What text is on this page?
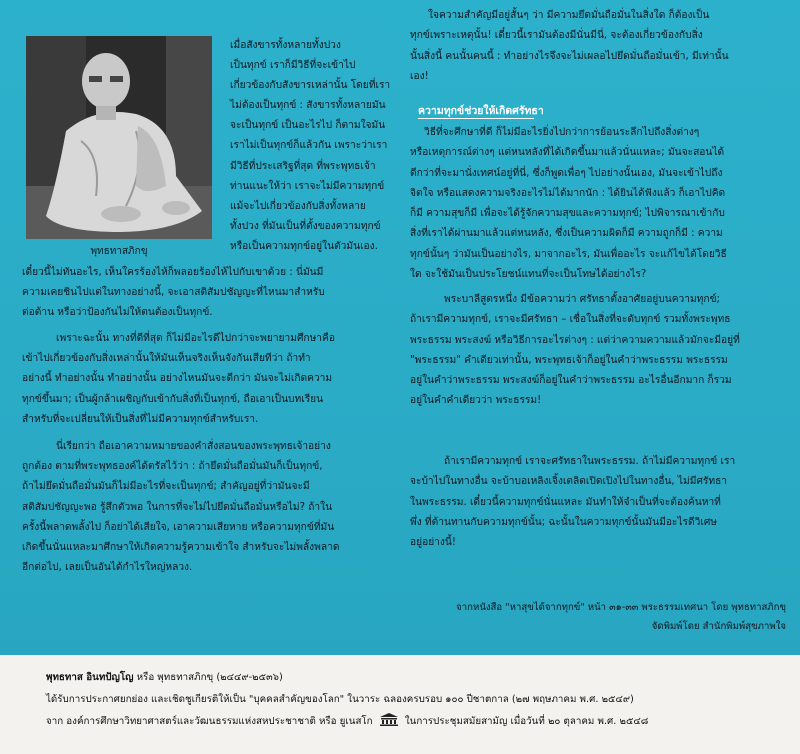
พุทธทาสภิกขุ
เมื่อสังขารทั้งหลายทั้งปวง
เป็นทุกข์ เราก็มีวิธีที่จะเข้าไป
เกี่ยวข้องกับสังขารเหล่านั้น โดยที่เรา
ไม่ต้องเป็นทุกข์ : สังขารทั้งหลายมัน
จะเป็นทุกข์ เป็นอะไรไป ก็ตามใจมัน
เราไม่เป็นทุกข์ก็แล้วกัน เพราะว่าเรา
มีวิธีที่ประเสริฐที่สุด ที่พระพุทธเจ้า
ท่านแนะให้ว่า เราจะไม่มีความทุกข์
แม้จะไปเกี่ยวข้องกับสิ่งทั้งหลาย
ทั้งปวง ที่มันเป็นที่ตั้งของความทุกข์
หรือเป็นความทุกข์อยู่ในตัวมันเอง.
เดี๋ยวนี้ไม่ทันอะไร, เห็นใครร้องไห้ก็พลอยร้องไห้ไปกับเขาด้วย : นี่มันมี
ความเคยชินไปแต่ในทางอย่างนี้, จะเอาสติสัมปชัญญะที่ไหนมาสำหรับ
ต่อต้าน หรือว่าป้องกันไม่ให้ตนต้องเป็นทุกข์.
เพราะฉะนั้น ทางที่ดีที่สุด ก็ไม่มีอะไรดีไปกว่าจะพยายามศึกษาคือ
เข้าไปเกี่ยวข้องกับสิ่งเหล่านั้นให้มันเห็นจริงเห็นจังกันเสียทีว่า ถ้าทำ
อย่างนี้ ทำอย่างนั้น ทำอย่างนั้น อย่างไหนมันจะดีกว่า มันจะไม่เกิดความ
ทุกข์ขึ้นมา; เป็นผู้กล้าเผชิญกับเข้ากับสิ่งที่เป็นทุกข์, ถือเอาเป็นบทเรียน
สำหรับที่จะเปลี่ยนให้เป็นสิ่งที่ไม่มีความทุกข์สำหรับเรา.
นี่เรียกว่า ถือเอาความหมายของคำสั่งสอนของพระพุทธเจ้าอย่าง
ถูกต้อง ตามที่พระพุทธองค์ได้ตรัสไว้ว่า : ถ้ายึดมั่นถือมั่นมันก็เป็นทุกข์,
ถ้าไม่ยึดมั่นถือมั่นมันก็ไม่มีอะไรที่จะเป็นทุกข์; สำคัญอยู่ที่ว่ามันจะมี
สติสัมปชัญญะพอ รู้สึกตัวพอ ในการที่จะไม่ไปยึดมั่นถือมั่นหรือไม่? ถ้าใน
ครั้งนี้พลาดพลั้งไป ก็อย่าได้เสียใจ, เอาความเสียหาย หรือความทุกข์ที่มัน
เกิดขึ้นนั่นแหละมาศึกษาให้เกิดความรู้ความเข้าใจ สำหรับจะไม่พลั้งพลาด
อีกต่อไป, เลยเป็นอันได้กำไรใหญ่หลวง.
ใจความสำคัญมีอยู่สั้นๆ ว่า มีความยึดมั่นถือมั่นในสิ่งใด ก็ต้องเป็น
ทุกข์เพราะเหตุนั้น! เดี๋ยวนี้เรามันต้องมีนั่นมีนี่, จะต้องเกี่ยวข้องกับสิ่ง
นั้นสิ่งนี้ คนนั้นคนนี้ : ทำอย่างไรจึงจะไม่เผลอไปยึดมั่นถือมั่นเข้า, มีเท่านั้น
เอง!
ความทุกข์ช่วยให้เกิดศรัทธา
วิธีที่จะศึกษาที่ดี ก็ไม่มีอะไรยิ่งไปกว่าการย้อนระลึกไปถึงสิ่งต่างๆ
หรือเหตุการณ์ต่างๆ แต่หนหลังที่ได้เกิดขึ้นมาแล้วนั่นแหละ; มันจะสอนได้
ดีกว่าที่จะมานั่งเทศน์อยู่ที่นี่, ซึ่งก็พูดเพื่อๆ ไปอย่างนั้นเอง, มันจะเข้าไปถึง
จิตใจ หรือแสดงความจริงอะไรไม่ได้มากนัก : ได้ยินได้ฟังแล้ว ก็เอาไปคิด
ก็มี ความสุขก็มี เพื่อจะได้รู้จักความสุขและความทุกข์; ไปพิจารณาเข้ากับ
สิ่งที่เราได้ผ่านมาแล้วแต่หนหลัง, ซึ่งเป็นความผิดก็มี ความถูกก็มี : ความ
ทุกข์นั้นๆ ว่ามันเป็นอย่างไร, มาจากอะไร, มันเพื่ออะไร จะแก้ไขได้โดยวิธี
ใด จะใช้มันเป็นประโยชน์แทนที่จะเป็นโทษได้อย่างไร?
พระบาลีสูตรหนึ่ง มีข้อความว่า ศรัทธาตั้งอาศัยอยู่บนความทุกข์;
ถ้าเรามีความทุกข์, เราจะมีศรัทธา – เชื่อในสิ่งที่จะดับทุกข์ รวมทั้งพระพุทธ
พระธรรม พระสงฆ์ หรือวิธีการอะไรต่างๆ : แต่ว่าความความแล้วมักจะมีอยู่ที่
"พระธรรม" คำเดียวเท่านั้น, พระพุทธเจ้าก็อยู่ในคำว่าพระธรรม พระธรรม
อยู่ในคำว่าพระธรรม พระสงฆ์ก็อยู่ในคำว่าพระธรรม อะไรอื่นอีกมาก ก็รวม
อยู่ในคำคำเดียวว่า พระธรรม!
ถ้าเรามีความทุกข์ เราจะศรัทธาในพระธรรม. ถ้าไม่มีความทุกข์ เรา
จะบ้าไปในทางอื่น จะบ้าบอเหลิงเจิ้งเตลิดเปิดเปิงไปในทางอื่น, ไม่มีศรัทธา
ในพระธรรม. เดี๋ยวนี้ความทุกข์นั่นแหละ มันทำให้จำเป็นที่จะต้องค้นหาที่
พึ่ง ที่ต้านทานกับความทุกข์นั้น; ฉะนั้นในความทุกข์นั้นมันมีอะไรดีวิเศษ
อยู่อย่างนี้!
จากหนังสือ "หาสุขได้จากทุกข์" หน้า ๓๑-๓๓ พระธรรมเทศนา โดย พุทธทาสภิกขุ
จัดพิมพ์โดย สำนักพิมพ์สุขภาพใจ
พุทธทาส อินทปัญโญ หรือ พุทธทาสภิกขุ (๒๔๔๙-๒๕๓๖)
ได้รับการประกาศยกย่อง และเชิดชูเกียรติให้เป็น "บุคคลสำคัญของโลก" ในวาระ ฉลองครบรอบ ๑๐๐ ปีชาตกาล (๒๗ พฤษภาคม พ.ศ. ๒๕๔๙)
จาก องค์การศึกษาวิทยาศาสตร์และวัฒนธรรมแห่งสหประชาชาติ หรือ ยูเนสโก	ในการประชุมสมัยสามัญ เมื่อวันที่ ๒๐ ตุลาคม พ.ศ. ๒๕๔๘
